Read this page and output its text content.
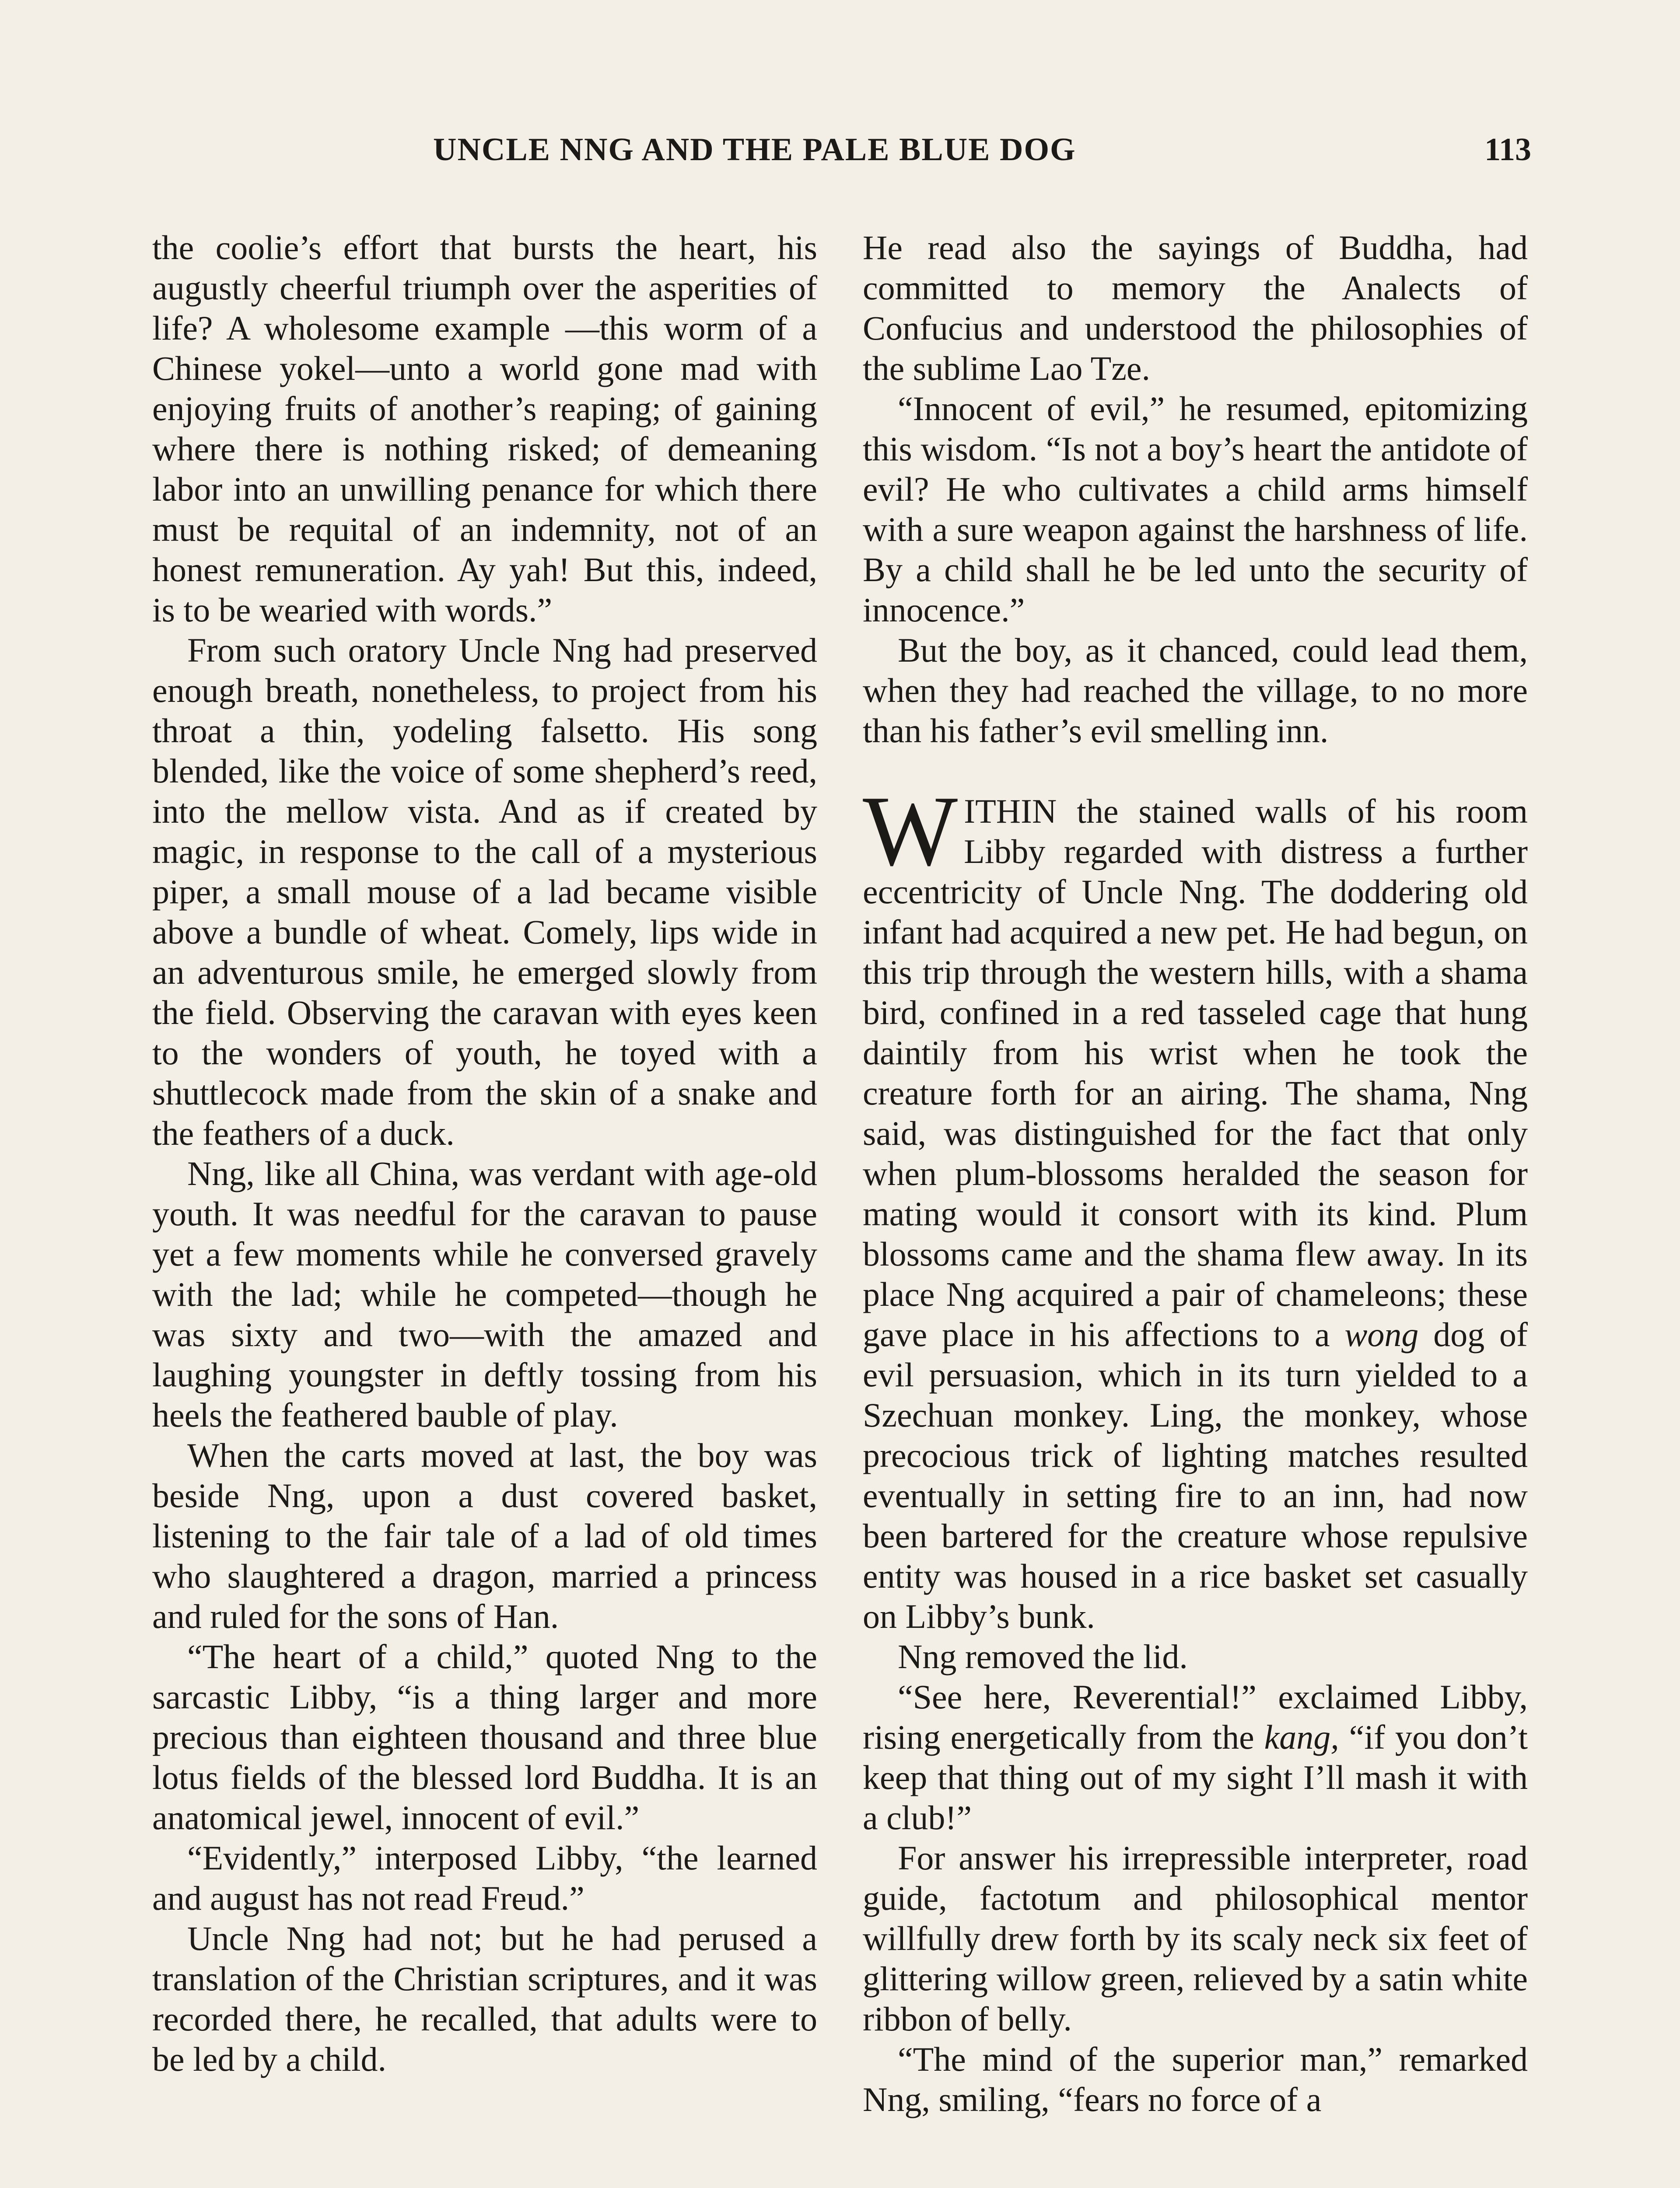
UNCLE NNG AND THE PALE BLUE DOG	113

the coolie’s effort that bursts the heart, his augustly cheerful triumph over the asperities of life? A wholesome example —this worm of a Chinese yokel—unto a world gone mad with enjoying fruits of another’s reaping; of gaining where there is nothing risked; of demeaning labor into an unwilling penance for which there must be requital of an indemnity, not of an honest remuneration. Ay yah! But this, indeed, is to be wearied with words.”

From such oratory Uncle Nng had preserved enough breath, nonetheless, to project from his throat a thin, yodeling falsetto. His song blended, like the voice of some shepherd’s reed, into the mellow vista. And as if created by magic, in response to the call of a mysterious piper, a small mouse of a lad became visible above a bundle of wheat. Comely, lips wide in an adventurous smile, he emerged slowly from the field. Observing the caravan with eyes keen to the wonders of youth, he toyed with a shuttlecock made from the skin of a snake and the feathers of a duck.

Nng, like all China, was verdant with age-old youth. It was needful for the caravan to pause yet a few moments while he conversed gravely with the lad; while he competed—though he was sixty and two—with the amazed and laughing youngster in deftly tossing from his heels the feathered bauble of play.

When the carts moved at last, the boy was beside Nng, upon a dust covered basket, listening to the fair tale of a lad of old times who slaughtered a dragon, married a princess and ruled for the sons of Han.

“The heart of a child,” quoted Nng to the sarcastic Libby, “is a thing larger and more precious than eighteen thousand and three blue lotus fields of the blessed lord Buddha. It is an anatomical jewel, innocent of evil.”

“Evidently,” interposed Libby, “the learned and august has not read Freud.”

Uncle Nng had not; but he had perused a translation of the Christian scriptures, and it was recorded there, he recalled, that adults were to be led by a child.

He read also the sayings of Buddha, had committed to memory the Analects of Confucius and understood the philosophies of the sublime Lao Tze.

“Innocent of evil,” he resumed, epitomizing this wisdom. “Is not a boy’s heart the antidote of evil? He who cultivates a child arms himself with a sure weapon against the harshness of life. By a child shall he be led unto the security of innocence.”

But the boy, as it chanced, could lead them, when they had reached the village, to no more than his father’s evil smelling inn.

WITHIN the stained walls of his room Libby regarded with distress a further eccentricity of Uncle Nng. The doddering old infant had acquired a new pet. He had begun, on this trip through the western hills, with a shama bird, confined in a red tasseled cage that hung daintily from his wrist when he took the creature forth for an airing. The shama, Nng said, was distinguished for the fact that only when plum-blossoms heralded the season for mating would it consort with its kind. Plum blossoms came and the shama flew away. In its place Nng acquired a pair of chameleons; these gave place in his affections to a wong dog of evil persuasion, which in its turn yielded to a Szechuan monkey. Ling, the monkey, whose precocious trick of lighting matches resulted eventually in setting fire to an inn, had now been bartered for the creature whose repulsive entity was housed in a rice basket set casually on Libby’s bunk.

Nng removed the lid.

“See here, Reverential!” exclaimed Libby, rising energetically from the kang, “if you don’t keep that thing out of my sight I’ll mash it with a club!”

For answer his irrepressible interpreter, road guide, factotum and philosophical mentor willfully drew forth by its scaly neck six feet of glittering willow green, relieved by a satin white ribbon of belly.

“The mind of the superior man,” remarked Nng, smiling, “fears no force of a
